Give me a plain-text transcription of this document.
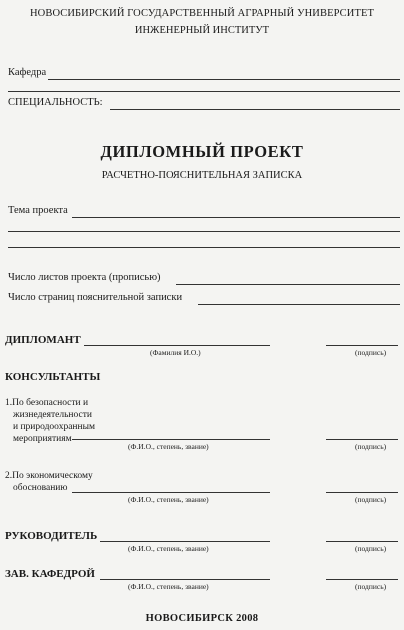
НОВОСИБИРСКИЙ ГОСУДАРСТВЕННЫЙ АГРАРНЫЙ УНИВЕРСИТЕТ
ИНЖЕНЕРНЫЙ ИНСТИТУТ
Кафедра
СПЕЦИАЛЬНОСТЬ:
ДИПЛОМНЫЙ ПРОЕКТ
РАСЧЕТНО-ПОЯСНИТЕЛЬНАЯ ЗАПИСКА
Тема проекта
Число листов проекта (прописью)
Число страниц пояснительной записки
ДИПЛОМАНТ
(Фамилия И.О.)	(подпись)
КОНСУЛЬТАНТЫ
1.По безопасности и
жизнедеятельности
и природоохранным
мероприятиям
(Ф.И.О., степень, звание)	(подпись)
2.По экономическому
обоснованию
(Ф.И.О., степень, звание)	(подпись)
РУКОВОДИТЕЛЬ
(Ф.И.О., степень, звание)	(подпись)
ЗАВ. КАФЕДРОЙ
(Ф.И.О., степень, звание)	(подпись)
НОВОСИБИРСК 2008
